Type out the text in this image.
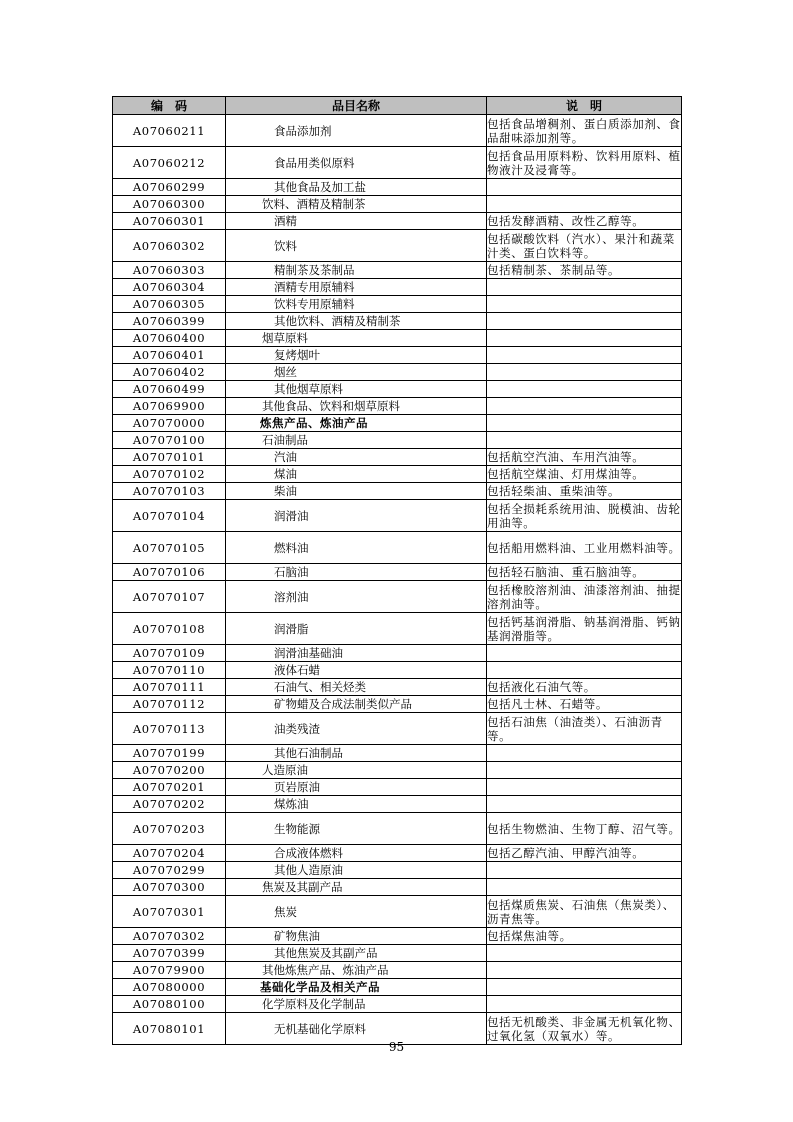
编　码	品目名称	说　明
A07060211	食品添加剂	包括食品增稠剂、蛋白质添加剂、食品甜味添加剂等。
A07060212	食品用类似原料	包括食品用原料粉、饮料用原料、植物液汁及浸膏等。
A07060299	其他食品及加工盐	
A07060300	饮料、酒精及精制茶	
A07060301	酒精	包括发酵酒精、改性乙醇等。
A07060302	饮料	包括碳酸饮料（汽水）、果汁和蔬菜汁类、蛋白饮料等。
A07060303	精制茶及茶制品	包括精制茶、茶制品等。
A07060304	酒精专用原辅料	
A07060305	饮料专用原辅料	
A07060399	其他饮料、酒精及精制茶	
A07060400	烟草原料	
A07060401	复烤烟叶	
A07060402	烟丝	
A07060499	其他烟草原料	
A07069900	其他食品、饮料和烟草原料	
A07070000	炼焦产品、炼油产品	
A07070100	石油制品	
A07070101	汽油	包括航空汽油、车用汽油等。
A07070102	煤油	包括航空煤油、灯用煤油等。
A07070103	柴油	包括轻柴油、重柴油等。
A07070104	润滑油	包括全损耗系统用油、脱模油、齿轮用油等。
A07070105	燃料油	包括船用燃料油、工业用燃料油等。
A07070106	石脑油	包括轻石脑油、重石脑油等。
A07070107	溶剂油	包括橡胶溶剂油、油漆溶剂油、抽提溶剂油等。
A07070108	润滑脂	包括钙基润滑脂、钠基润滑脂、钙钠基润滑脂等。
A07070109	润滑油基础油	
A07070110	液体石蜡	
A07070111	石油气、相关烃类	包括液化石油气等。
A07070112	矿物蜡及合成法制类似产品	包括凡士林、石蜡等。
A07070113	油类残渣	包括石油焦（油渣类）、石油沥青等。
A07070199	其他石油制品	
A07070200	人造原油	
A07070201	页岩原油	
A07070202	煤炼油	
A07070203	生物能源	包括生物燃油、生物丁醇、沼气等。
A07070204	合成液体燃料	包括乙醇汽油、甲醇汽油等。
A07070299	其他人造原油	
A07070300	焦炭及其副产品	
A07070301	焦炭	包括煤质焦炭、石油焦（焦炭类）、沥青焦等。
A07070302	矿物焦油	包括煤焦油等。
A07070399	其他焦炭及其副产品	
A07079900	其他炼焦产品、炼油产品	
A07080000	基础化学品及相关产品	
A07080100	化学原料及化学制品	
A07080101	无机基础化学原料	包括无机酸类、非金属无机氧化物、过氧化氢（双氧水）等。
95
